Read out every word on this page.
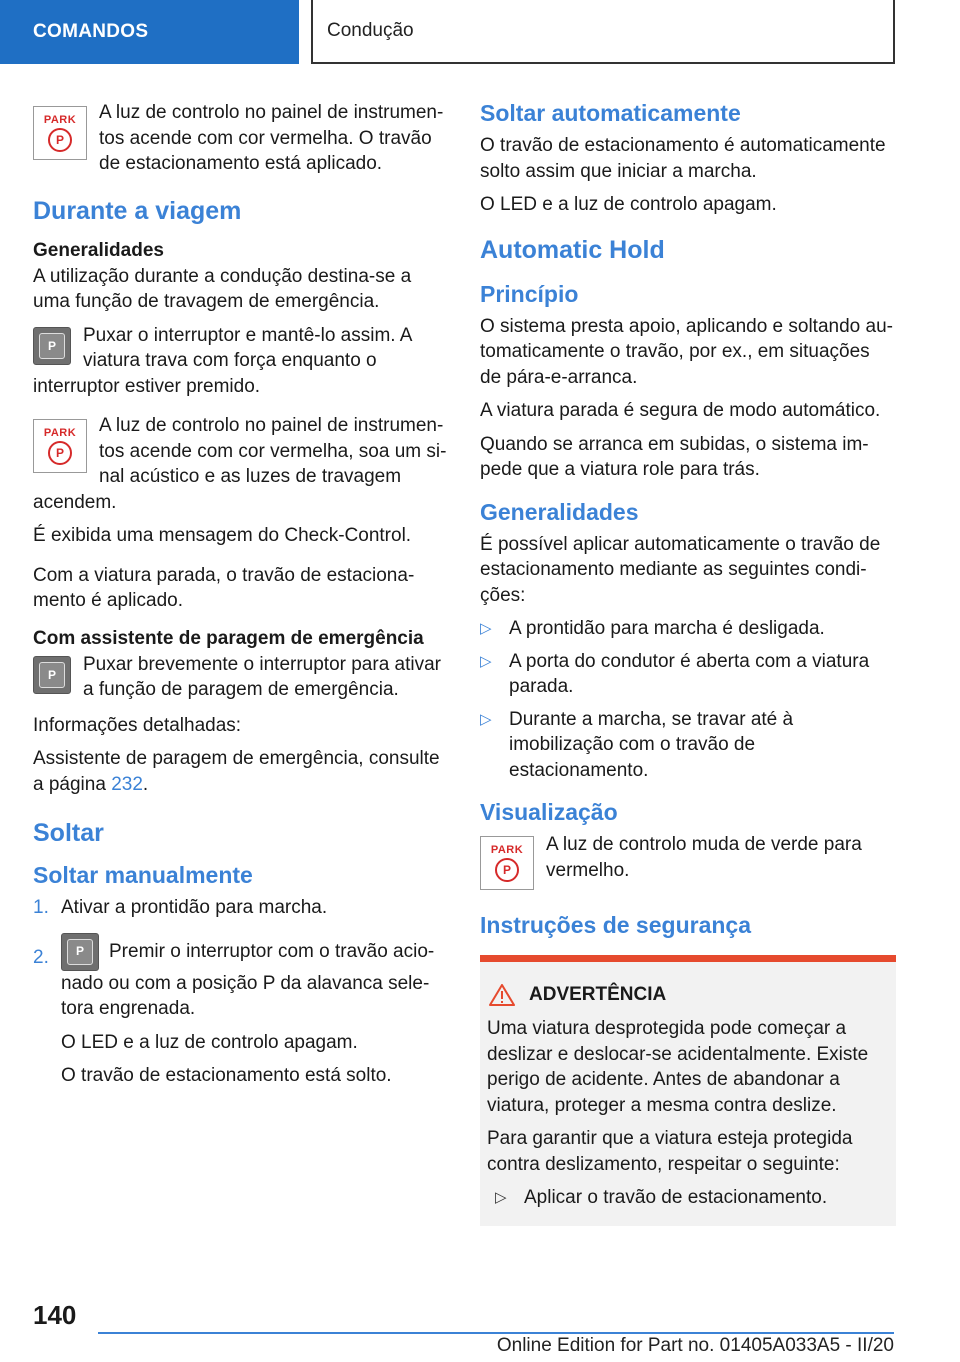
COMANDOS	Condução
PARK
P

A luz de controlo no painel de instrumentos acende com cor vermelha. O travão de estacionamento está aplicado.

Durante a viagem
Generalidades

A utilização durante a condução destina-se a uma função de travagem de emergência.

P	Puxar o interruptor e mantê-lo assim. A viatura trava com força enquanto o interruptor estiver premido.

PARK
P

A luz de controlo no painel de instrumentos acende com cor vermelha, soa um sinal acústico e as luzes de travagem acendem.

É exibida uma mensagem do Check-Control.

Com a viatura parada, o travão de estacionamento é aplicado.

Com assistente de paragem de emergência
P	Puxar brevemente o interruptor para ativar a função de paragem de emergência.

Informações detalhadas:

Assistente de paragem de emergência, consulte a página 232.

Soltar
Soltar manualmente
1. Ativar a prontidão para marcha.
2.	P	Premir o interruptor com o travão acionado ou com a posição P da alavanca seletora engrenada.

O LED e a luz de controlo apagam.

O travão de estacionamento está solto.

Soltar automaticamente

O travão de estacionamento é automaticamente solto assim que iniciar a marcha.

O LED e a luz de controlo apagam.

Automatic Hold
Princípio

O sistema presta apoio, aplicando e soltando automaticamente o travão, por ex., em situações de pára-e-arranca.

A viatura parada é segura de modo automático.

Quando se arranca em subidas, o sistema impede que a viatura role para trás.

Generalidades

É possível aplicar automaticamente o travão de estacionamento mediante as seguintes condições:

▷ A prontidão para marcha é desligada.
▷ A porta do condutor é aberta com a viatura parada.
▷ Durante a marcha, se travar até à imobilização com o travão de estacionamento.
Visualização
PARK
P

A luz de controlo muda de verde para vermelho.

Instruções de segurança
ADVERTÊNCIA

Uma viatura desprotegida pode começar a deslizar e deslocar-se acidentalmente. Existe perigo de acidente. Antes de abandonar a viatura, proteger a mesma contra deslize.

Para garantir que a viatura esteja protegida contra deslizamento, respeitar o seguinte:

▷ Aplicar o travão de estacionamento.
140
Online Edition for Part no. 01405A033A5 - II/20
